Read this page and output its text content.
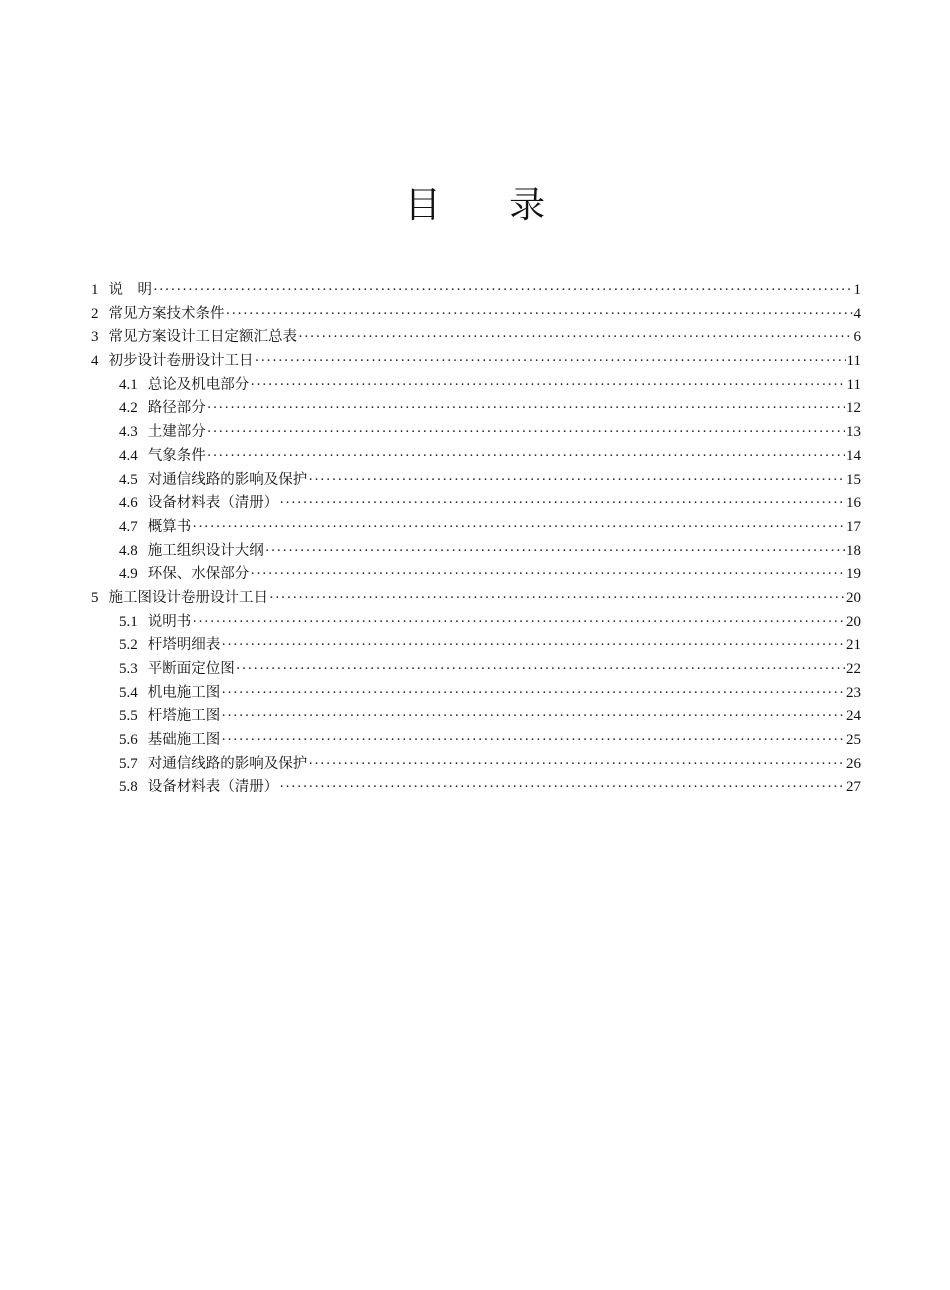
目录
1 说　明 ·····	1
2 常见方案技术条件 ·····	4
3 常见方案设计工日定额汇总表 ·····	6
4 初步设计卷册设计工日 ·····	11
4.1 总论及机电部分 ·····	11
4.2 路径部分 ·····	12
4.3 土建部分 ·····	13
4.4 气象条件 ·····	14
4.5 对通信线路的影响及保护 ·····	15
4.6 设备材料表（清册） ·····	16
4.7 概算书 ·····	17
4.8 施工组织设计大纲 ·····	18
4.9 环保、水保部分 ·····	19
5 施工图设计卷册设计工日 ·····	20
5.1 说明书 ·····	20
5.2 杆塔明细表 ·····	21
5.3 平断面定位图 ·····	22
5.4 机电施工图 ·····	23
5.5 杆塔施工图 ·····	24
5.6 基础施工图 ·····	25
5.7 对通信线路的影响及保护 ·····	26
5.8 设备材料表（清册） ·····	27
